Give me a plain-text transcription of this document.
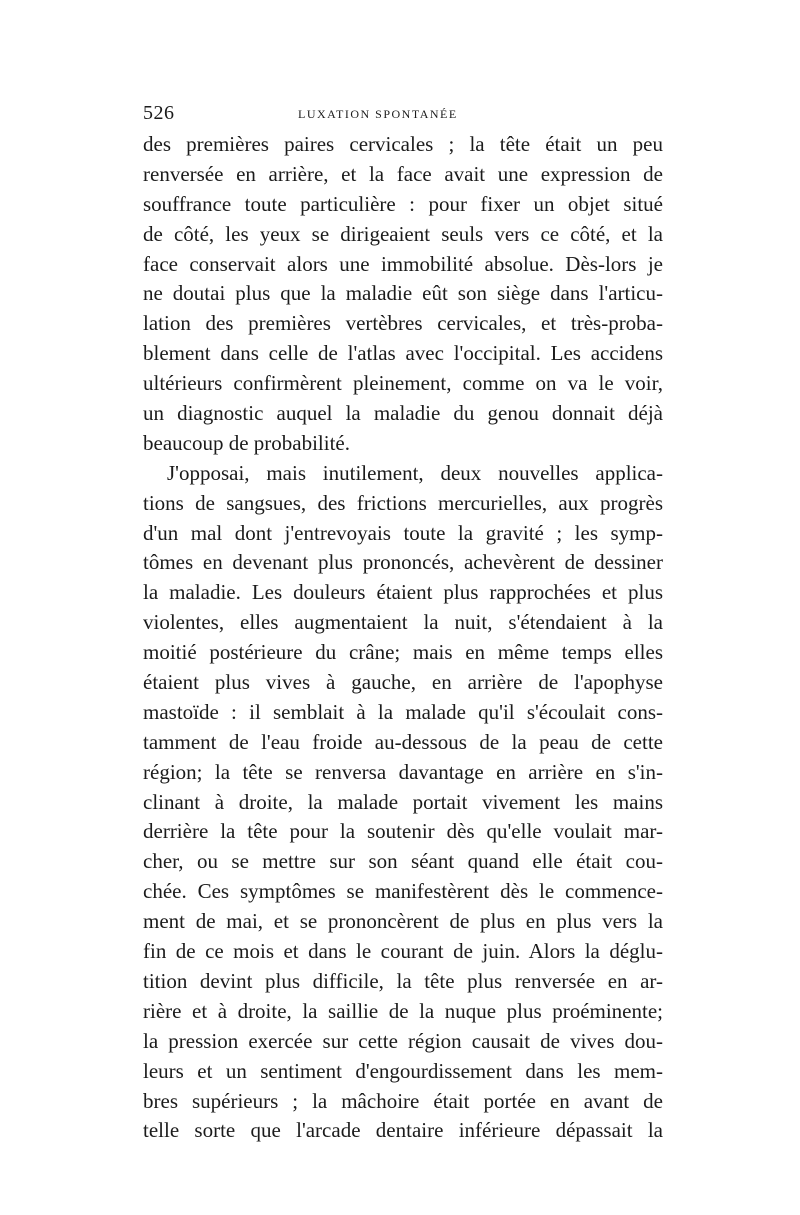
526	LUXATION SPONTANÉE
des premières paires cervicales ; la tête était un peu
renversée en arrière, et la face avait une expression de
souffrance toute particulière : pour fixer un objet situé
de côté, les yeux se dirigeaient seuls vers ce côté, et la
face conservait alors une immobilité absolue. Dès-lors je
ne doutai plus que la maladie eût son siège dans l'articu-
lation des premières vertèbres cervicales, et très-proba-
blement dans celle de l'atlas avec l'occipital. Les accidens
ultérieurs confirmèrent pleinement, comme on va le voir,
un diagnostic auquel la maladie du genou donnait déjà
beaucoup de probabilité.
J'opposai, mais inutilement, deux nouvelles applica-
tions de sangsues, des frictions mercurielles, aux progrès
d'un mal dont j'entrevoyais toute la gravité ; les symp-
tômes en devenant plus prononcés, achevèrent de dessiner
la maladie. Les douleurs étaient plus rapprochées et plus
violentes, elles augmentaient la nuit, s'étendaient à la
moitié postérieure du crâne; mais en même temps elles
étaient plus vives à gauche, en arrière de l'apophyse
mastoïde : il semblait à la malade qu'il s'écoulait cons-
tamment de l'eau froide au-dessous de la peau de cette
région; la tête se renversa davantage en arrière en s'in-
clinant à droite, la malade portait vivement les mains
derrière la tête pour la soutenir dès qu'elle voulait mar-
cher, ou se mettre sur son séant quand elle était cou-
chée. Ces symptômes se manifestèrent dès le commence-
ment de mai, et se prononcèrent de plus en plus vers la
fin de ce mois et dans le courant de juin. Alors la déglu-
tition devint plus difficile, la tête plus renversée en ar-
rière et à droite, la saillie de la nuque plus proéminente;
la pression exercée sur cette région causait de vives dou-
leurs et un sentiment d'engourdissement dans les mem-
bres supérieurs ; la mâchoire était portée en avant de
telle sorte que l'arcade dentaire inférieure dépassait la
